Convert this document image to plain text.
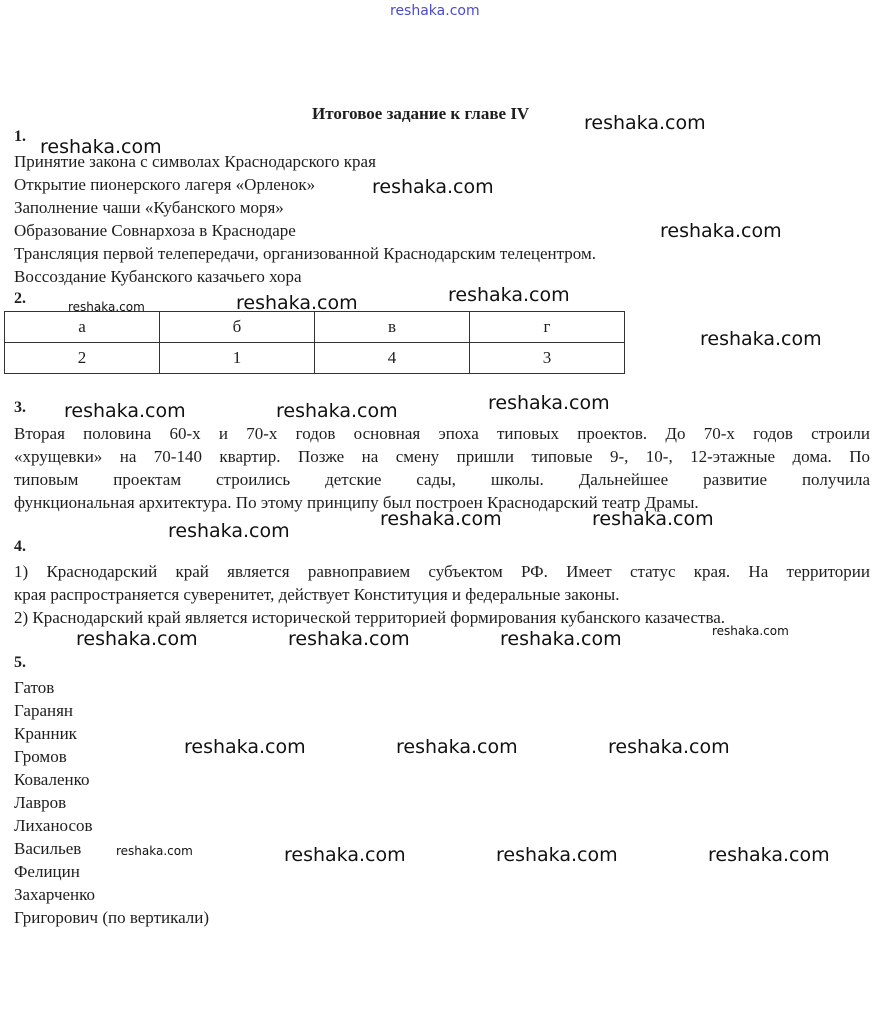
reshaka.com
Итоговое задание к главе IV
1.
Принятие закона с символах Краснодарского края
Открытие пионерского лагеря «Орленок»
Заполнение чаши «Кубанского моря»
Образование Совнархоза в Краснодаре
Трансляция первой телепередачи, организованной Краснодарским телецентром.
Воссоздание Кубанского казачьего хора
2.
а	б	в	г
2	1	4	3
3.
Вторая половина 60-х и 70-х годов основная эпоха типовых проектов. До 70-х годов строили
«хрущевки» на 70-140 квартир. Позже на смену пришли типовые 9-, 10-, 12-этажные дома. По
типовым проектам строились детские сады, школы. Дальнейшее развитие получила
функциональная архитектура. По этому принципу был построен Краснодарский театр Драмы.
4.
1) Краснодарский край является равноправием субъектом РФ. Имеет статус края. На территории
края распространяется суверенитет, действует Конституция и федеральные законы.
2) Краснодарский край является исторической территорией формирования кубанского казачества.
5.
Гатов
Гаранян
Кранник
Громов
Коваленко
Лавров
Лиханосов
Васильев
Фелицин
Захарченко
Григорович (по вертикали)
reshaka.com
reshaka.com
reshaka.com
reshaka.com
reshaka.com	reshaka.com	reshaka.com
reshaka.com
reshaka.com	reshaka.com	reshaka.com
reshaka.com
reshaka.com	reshaka.com
reshaka.com	reshaka.com	reshaka.com	reshaka.com
reshaka.com	reshaka.com	reshaka.com
reshaka.com	reshaka.com	reshaka.com	reshaka.com
